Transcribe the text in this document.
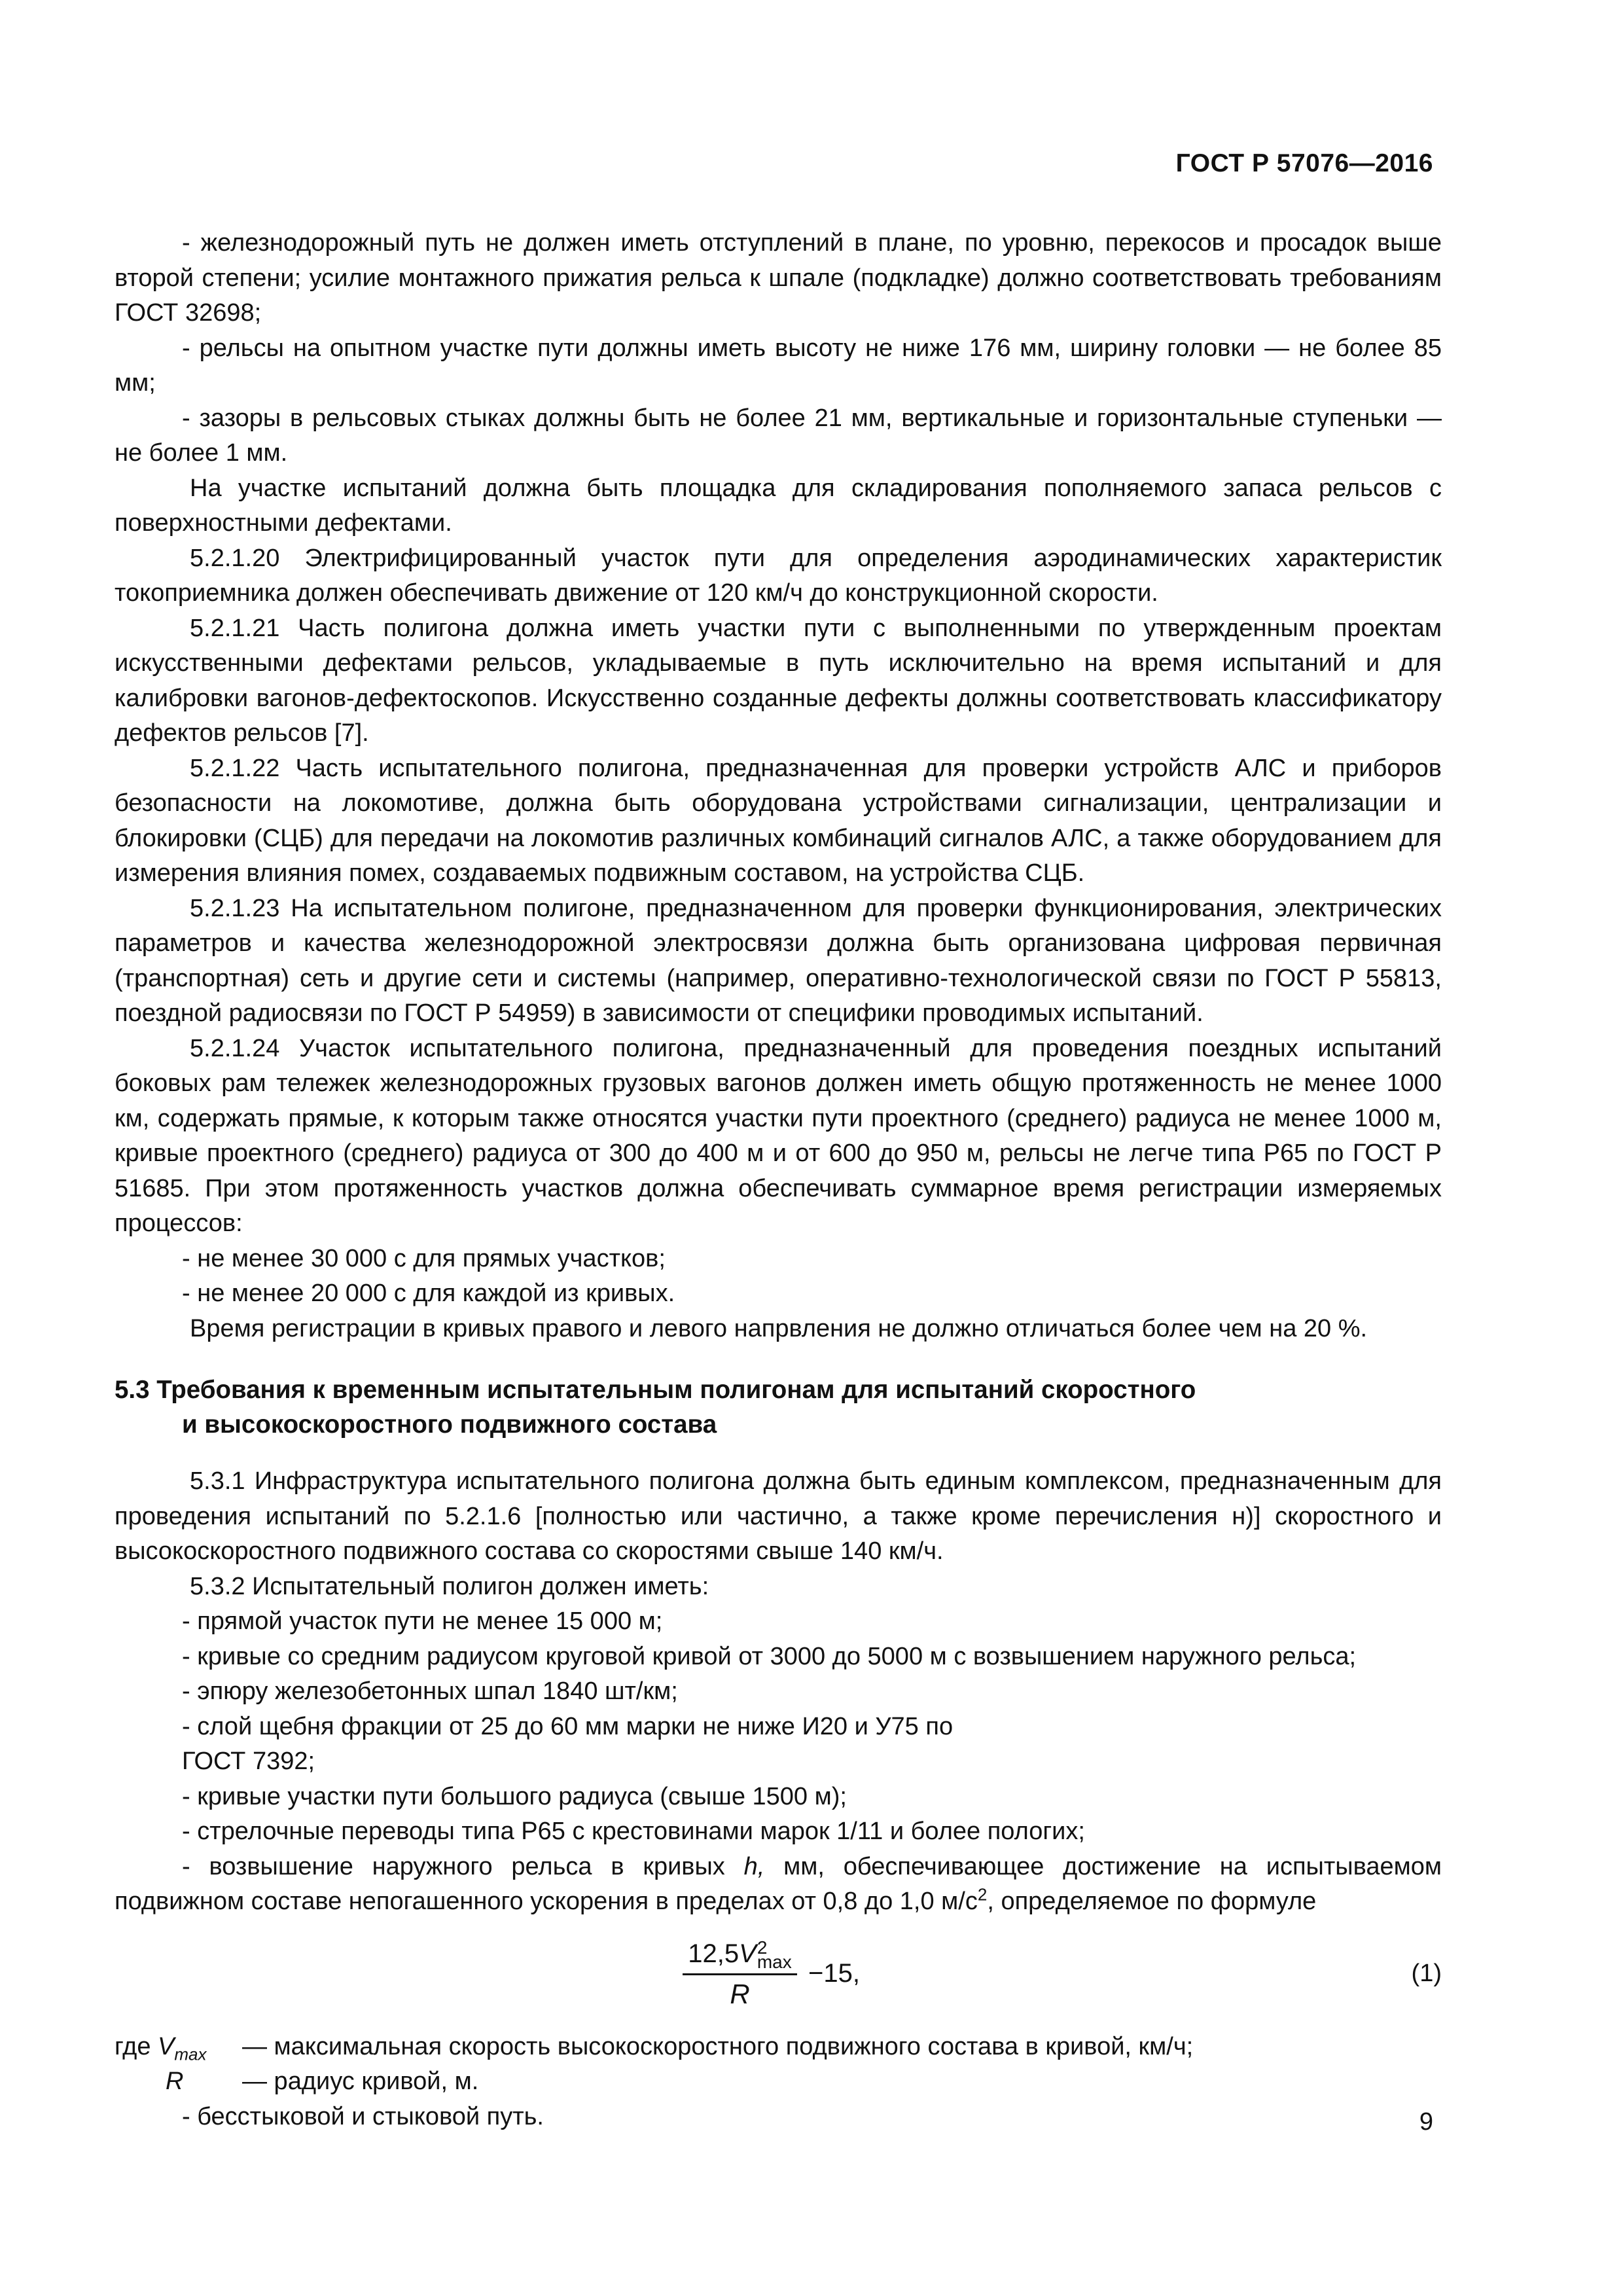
ГОСТ Р 57076—2016

- железнодорожный путь не должен иметь отступлений в плане, по уровню, перекосов и просадок выше второй степени; усилие монтажного прижатия рельса к шпале (подкладке) должно соответствовать требованиям ГОСТ 32698;

- рельсы на опытном участке пути должны иметь высоту не ниже 176 мм, ширину головки — не более 85 мм;

- зазоры в рельсовых стыках должны быть не более 21 мм, вертикальные и горизонтальные ступеньки — не более 1 мм.

На участке испытаний должна быть площадка для складирования пополняемого запаса рельсов с поверхностными дефектами.

5.2.1.20 Электрифицированный участок пути для определения аэродинамических характеристик токоприемника должен обеспечивать движение от 120 км/ч до конструкционной скорости.

5.2.1.21 Часть полигона должна иметь участки пути с выполненными по утвержденным проектам искусственными дефектами рельсов, укладываемые в путь исключительно на время испытаний и для калибровки вагонов-дефектоскопов. Искусственно созданные дефекты должны соответствовать классификатору дефектов рельсов [7].

5.2.1.22 Часть испытательного полигона, предназначенная для проверки устройств АЛС и приборов безопасности на локомотиве, должна быть оборудована устройствами сигнализации, централизации и блокировки (СЦБ) для передачи на локомотив различных комбинаций сигналов АЛС, а также оборудованием для измерения влияния помех, создаваемых подвижным составом, на устройства СЦБ.

5.2.1.23 На испытательном полигоне, предназначенном для проверки функционирования, электрических параметров и качества железнодорожной электросвязи должна быть организована цифровая первичная (транспортная) сеть и другие сети и системы (например, оперативно-технологической связи по ГОСТ Р 55813, поездной радиосвязи по ГОСТ Р 54959) в зависимости от специфики проводимых испытаний.

5.2.1.24 Участок испытательного полигона, предназначенный для проведения поездных испытаний боковых рам тележек железнодорожных грузовых вагонов должен иметь общую протяженность не менее 1000 км, содержать прямые, к которым также относятся участки пути проектного (среднего) радиуса не менее 1000 м, кривые проектного (среднего) радиуса от 300 до 400 м и от 600 до 950 м, рельсы не легче типа Р65 по ГОСТ Р 51685. При этом протяженность участков должна обеспечивать суммарное время регистрации измеряемых процессов:

- не менее 30 000 с для прямых участков;

- не менее 20 000 с для каждой из кривых.

Время регистрации в кривых правого и левого напрвления не должно отличаться более чем на 20 %.

5.3 Требования к временным испытательным полигонам для испытаний скоростного
и высокоскоростного подвижного состава

5.3.1 Инфраструктура испытательного полигона должна быть единым комплексом, предназначенным для проведения испытаний по 5.2.1.6 [полностью или частично, а также кроме перечисления н)] скоростного и высокоскоростного подвижного состава со скоростями свыше 140 км/ч.

5.3.2 Испытательный полигон должен иметь:

- прямой участок пути не менее 15 000 м;

- кривые со средним радиусом круговой кривой от 3000 до 5000 м с возвышением наружного рельса;

- эпюру железобетонных шпал 1840 шт/км;

- слой щебня фракции от 25 до 60 мм марки не ниже И20 и У75 по

ГОСТ 7392;

- кривые участки пути большого радиуса (свыше 1500 м);

- стрелочные переводы типа Р65 с крестовинами марок 1/11 и более пологих;

- возвышение наружного рельса в кривых h, мм, обеспечивающее достижение на испытываемом подвижном составе непогашенного ускорения в пределах от 0,8 до 1,0 $м/с^2$, определяемое по формуле

12,5V 2
max
R
−15,	(1)
где $V_{max}$ — максимальная скорость высокоскоростного подвижного состава в кривой, км/ч;
R — радиус кривой, м.

- бесстыковой и стыковой путь.	9
